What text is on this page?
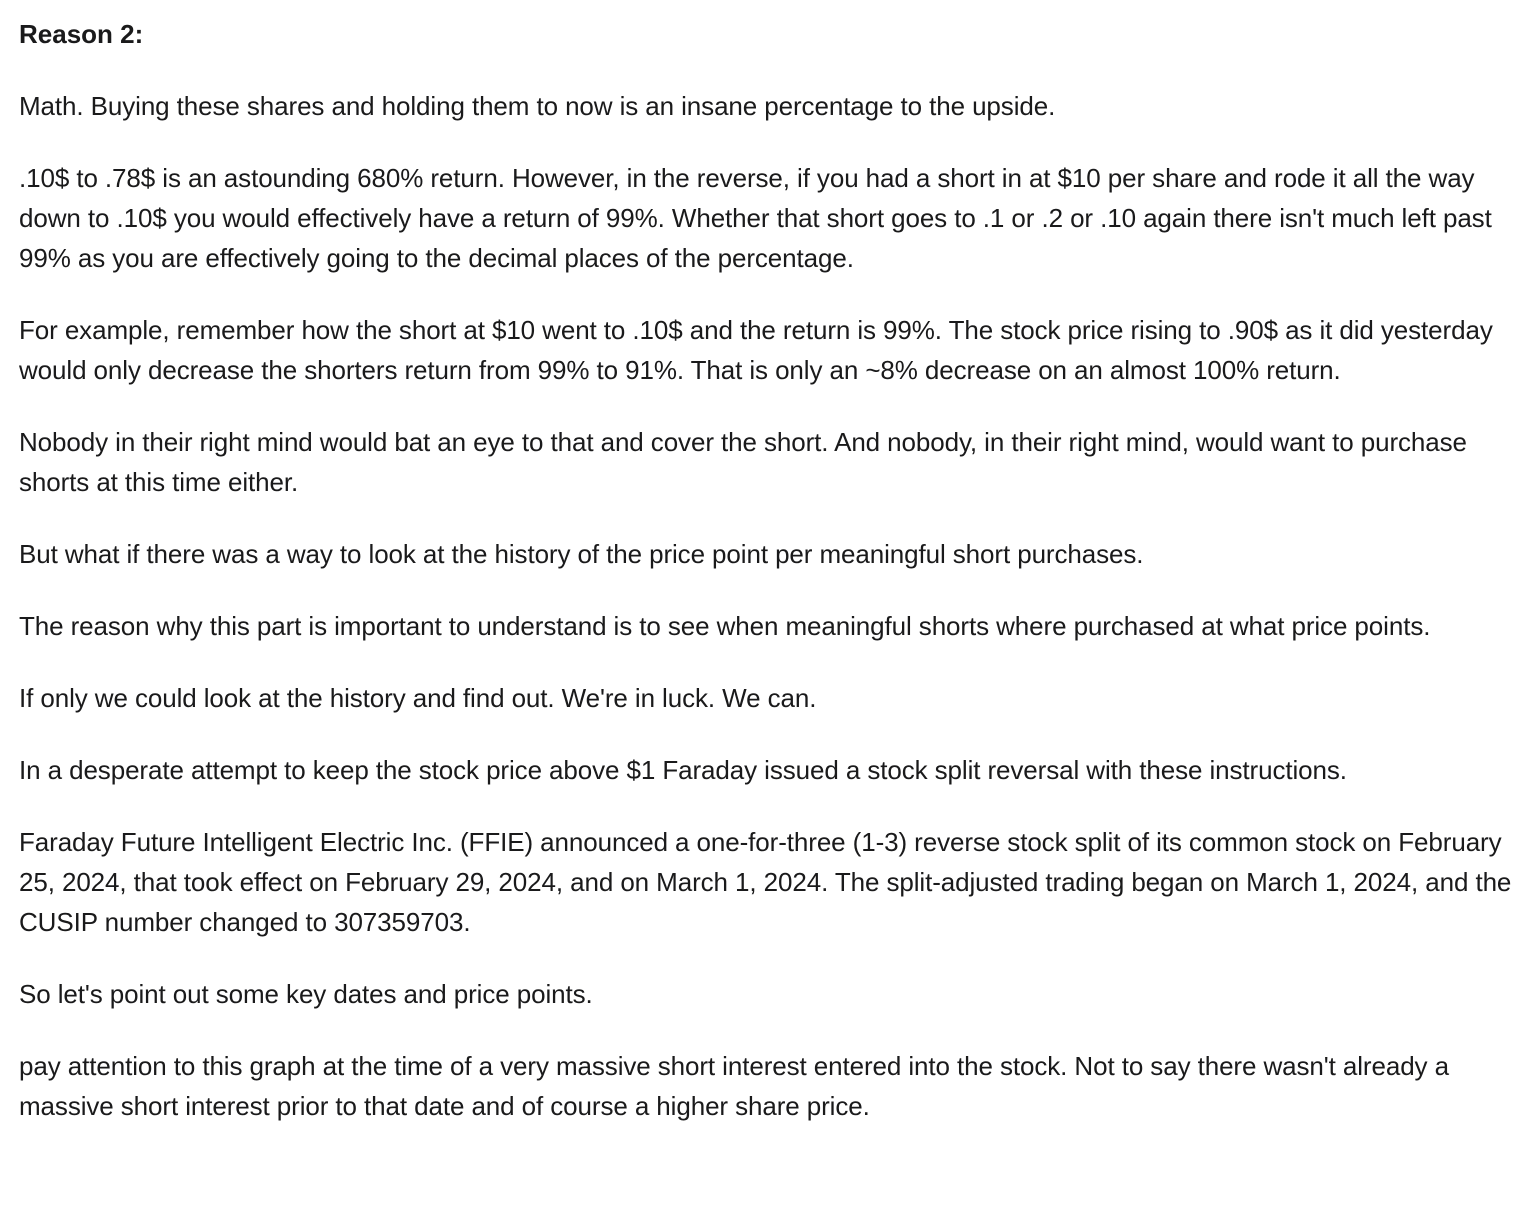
Reason 2:

Math. Buying these shares and holding them to now is an insane percentage to the upside.

.10$ to .78$ is an astounding 680% return. However, in the reverse, if you had a short in at $10 per share and rode it all the way down to .10$ you would effectively have a return of 99%. Whether that short goes to .1 or .2 or .10 again there isn't much left past 99% as you are effectively going to the decimal places of the percentage.

For example, remember how the short at $10 went to .10$ and the return is 99%. The stock price rising to .90$ as it did yesterday would only decrease the shorters return from 99% to 91%. That is only an ~8% decrease on an almost 100% return.

Nobody in their right mind would bat an eye to that and cover the short. And nobody, in their right mind, would want to purchase shorts at this time either.

But what if there was a way to look at the history of the price point per meaningful short purchases.

The reason why this part is important to understand is to see when meaningful shorts where purchased at what price points.

If only we could look at the history and find out. We're in luck. We can.

In a desperate attempt to keep the stock price above $1 Faraday issued a stock split reversal with these instructions.

Faraday Future Intelligent Electric Inc. (FFIE) announced a one-for-three (1-3) reverse stock split of its common stock on February 25, 2024, that took effect on February 29, 2024, and on March 1, 2024. The split-adjusted trading began on March 1, 2024, and the CUSIP number changed to 307359703.

So let's point out some key dates and price points.

pay attention to this graph at the time of a very massive short interest entered into the stock. Not to say there wasn't already a massive short interest prior to that date and of course a higher share price.
